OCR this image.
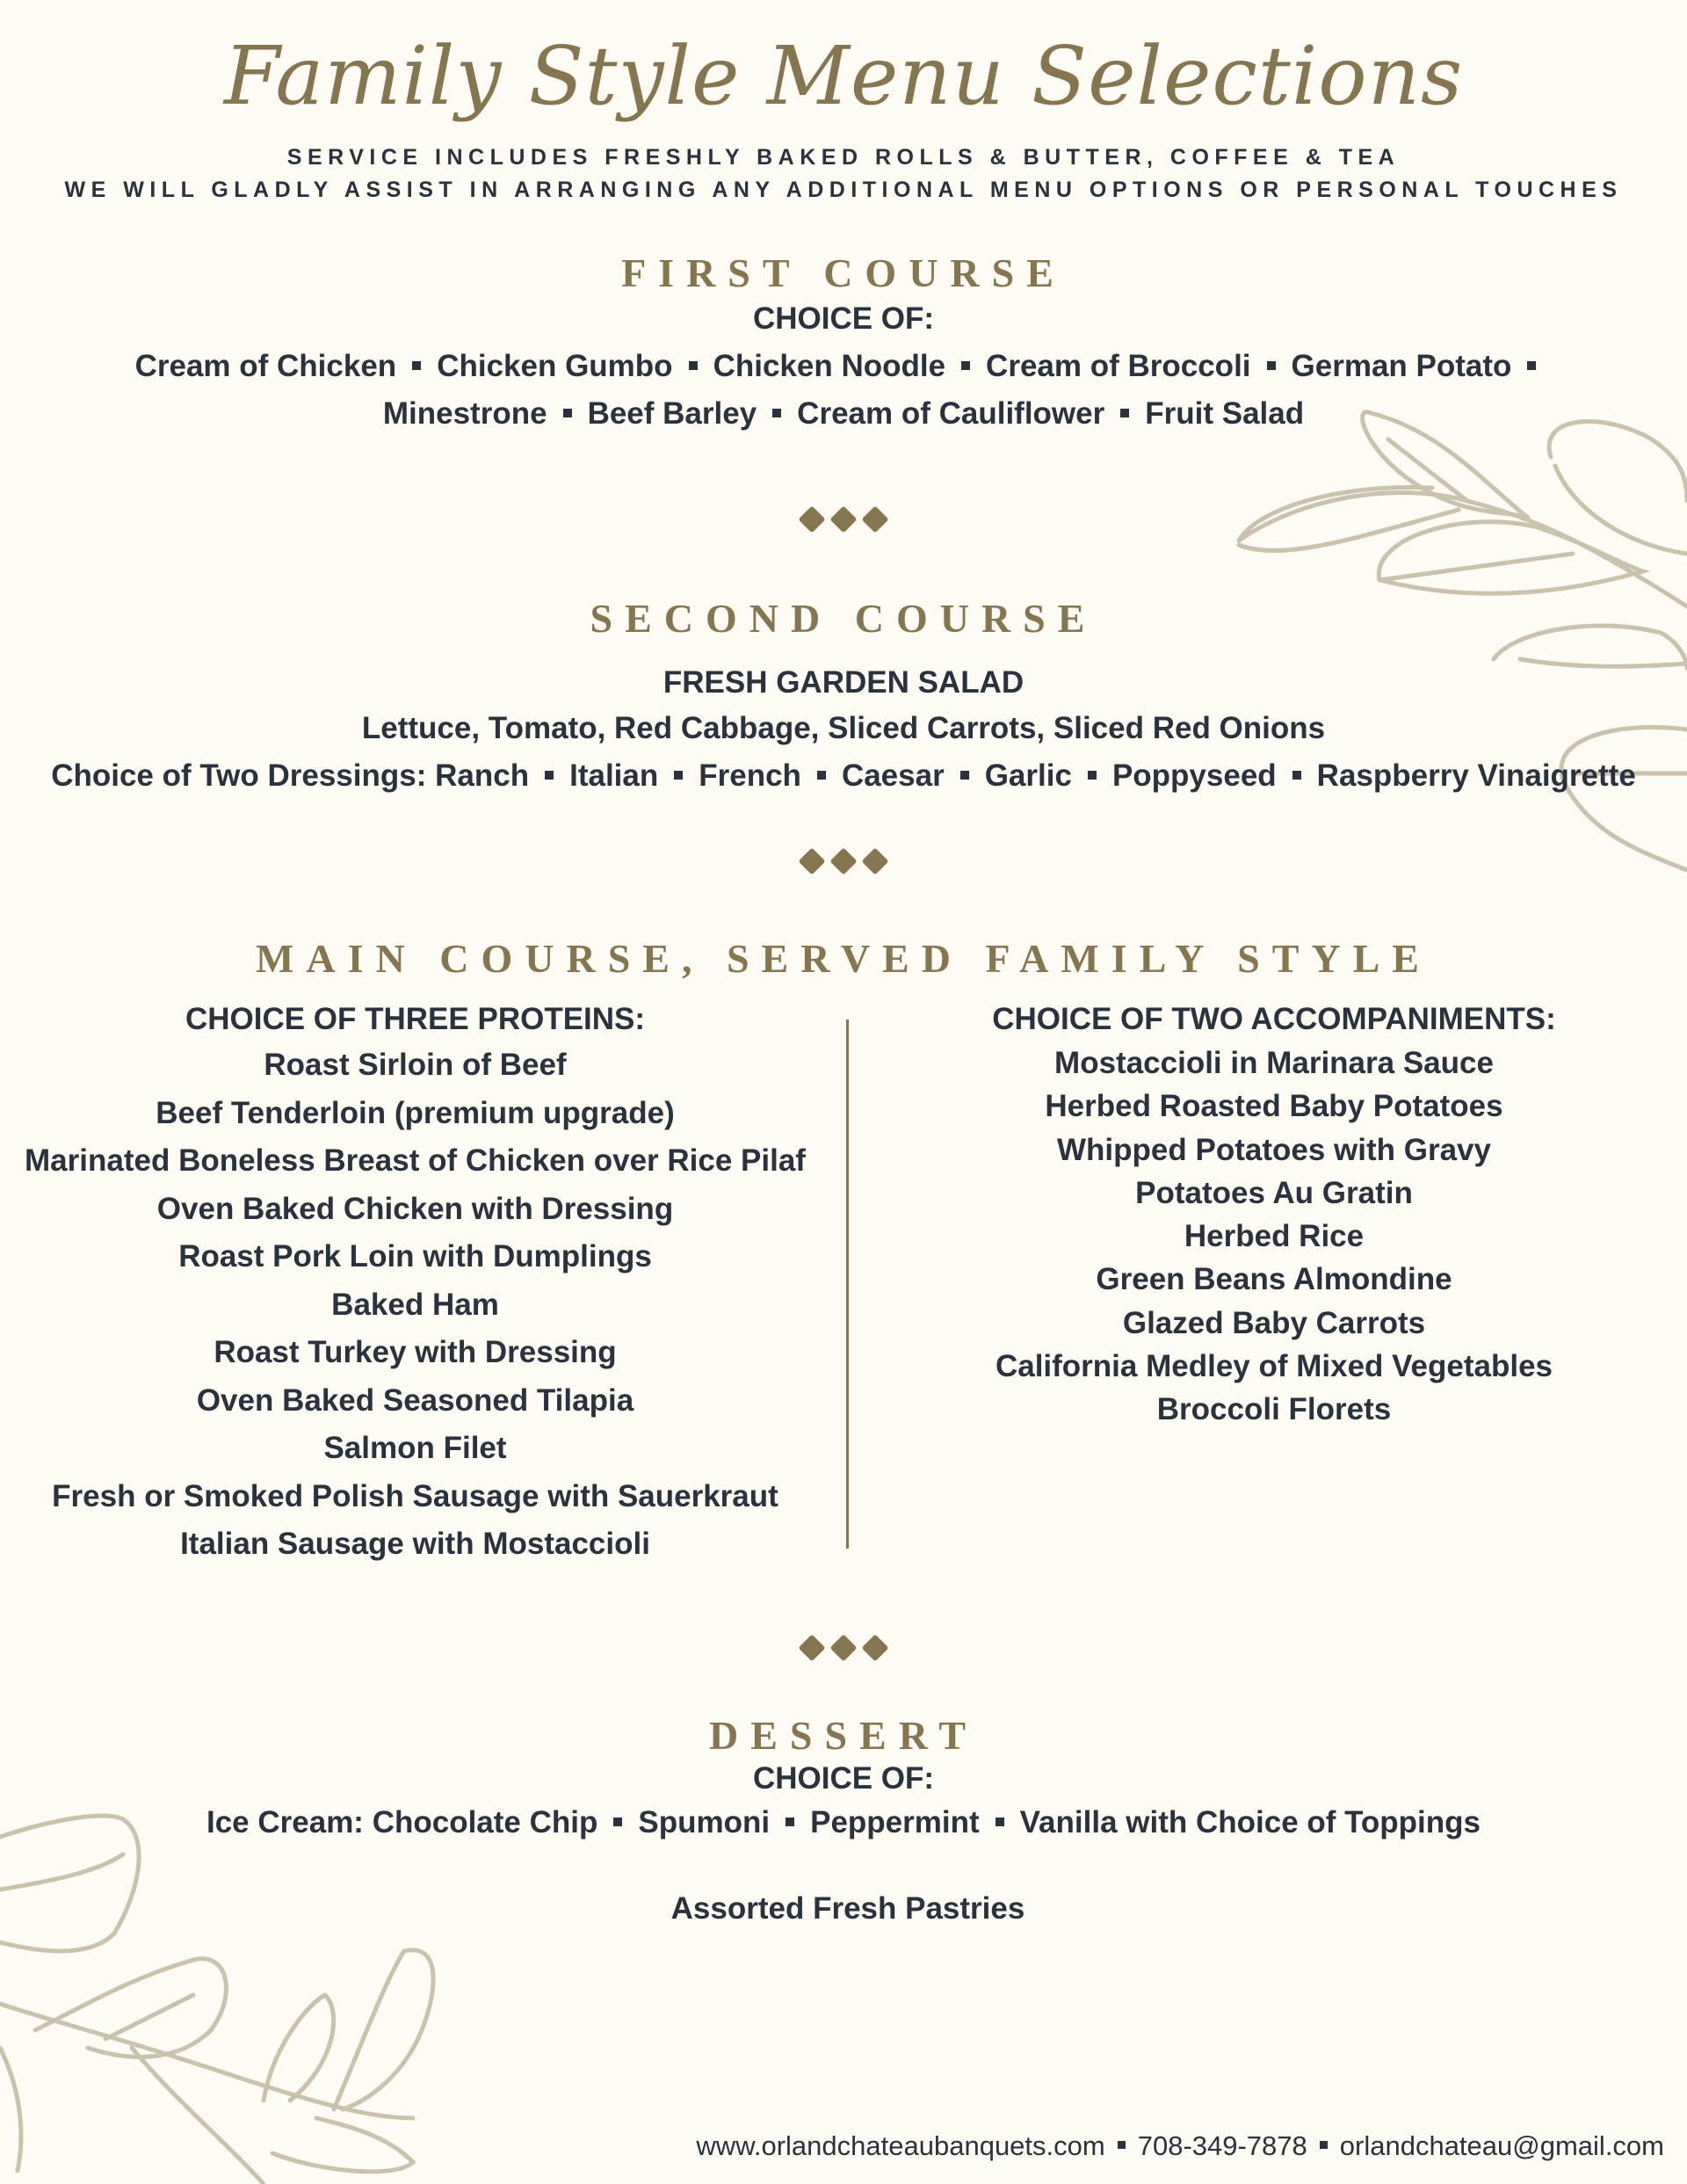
Family Style Menu Selections
SERVICE INCLUDES FRESHLY BAKED ROLLS & BUTTER, COFFEE & TEA
WE WILL GLADLY ASSIST IN ARRANGING ANY ADDITIONAL MENU OPTIONS OR PERSONAL TOUCHES
FIRST COURSE
CHOICE OF:
Cream of Chicken Chicken Gumbo Chicken Noodle Cream of Broccoli German Potato
Minestrone Beef Barley Cream of Cauliflower Fruit Salad
SECOND COURSE
FRESH GARDEN SALAD
Lettuce, Tomato, Red Cabbage, Sliced Carrots, Sliced Red Onions
Choice of Two Dressings: Ranch Italian French Caesar Garlic Poppyseed Raspberry Vinaigrette
MAIN COURSE, SERVED FAMILY STYLE
CHOICE OF THREE PROTEINS:
Roast Sirloin of Beef
Beef Tenderloin (premium upgrade)
Marinated Boneless Breast of Chicken over Rice Pilaf
Oven Baked Chicken with Dressing
Roast Pork Loin with Dumplings
Baked Ham
Roast Turkey with Dressing
Oven Baked Seasoned Tilapia
Salmon Filet
Fresh or Smoked Polish Sausage with Sauerkraut
Italian Sausage with Mostaccioli
CHOICE OF TWO ACCOMPANIMENTS:
Mostaccioli in Marinara Sauce
Herbed Roasted Baby Potatoes
Whipped Potatoes with Gravy
Potatoes Au Gratin
Herbed Rice
Green Beans Almondine
Glazed Baby Carrots
California Medley of Mixed Vegetables
Broccoli Florets
DESSERT
CHOICE OF:
Ice Cream: Chocolate Chip Spumoni Peppermint Vanilla with Choice of Toppings
Assorted Fresh Pastries
www.orlandchateaubanquets.com 708-349-7878 orlandchateau@gmail.com
